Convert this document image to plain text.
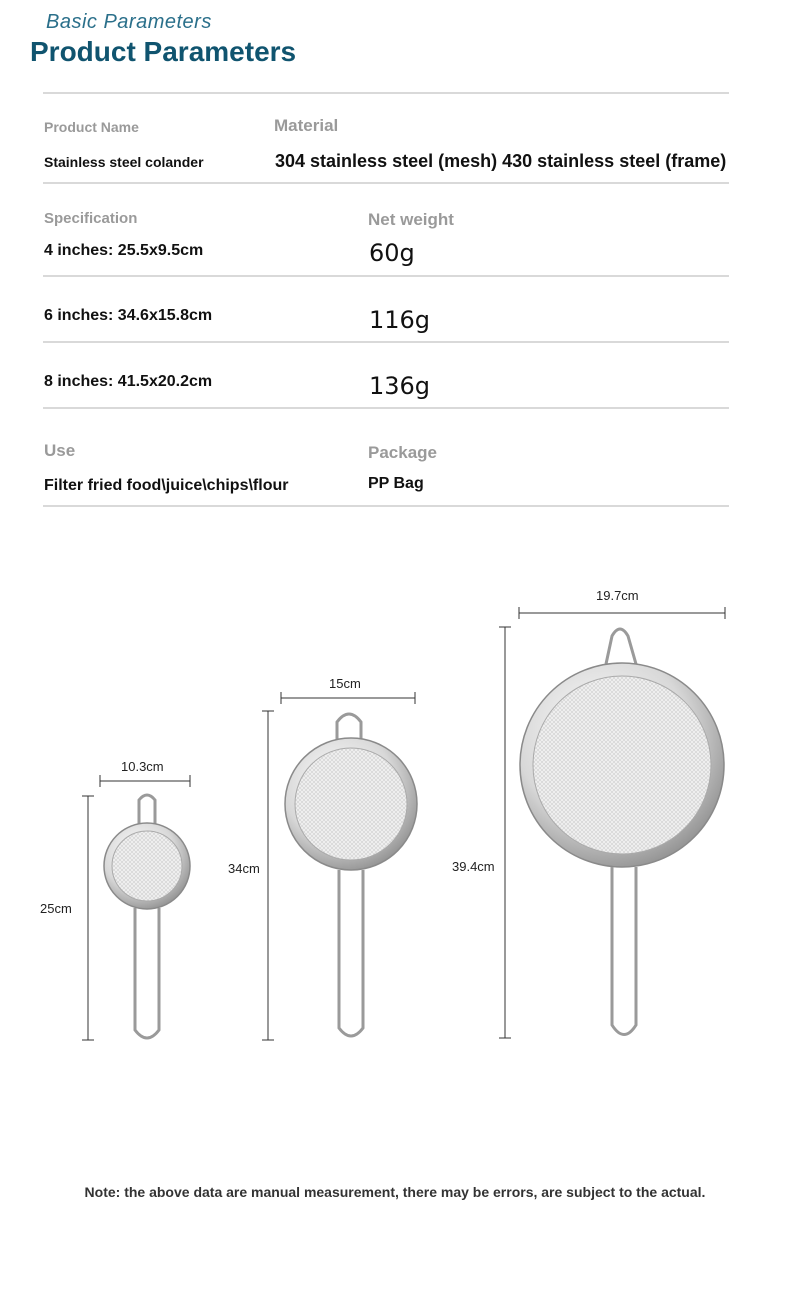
Basic Parameters
Product Parameters
Product Name	Material
Stainless steel colander	304 stainless steel (mesh) 430 stainless steel (frame)
Specification	Net weight
4 inches: 25.5x9.5cm	60g
6 inches: 34.6x15.8cm	116g
8 inches: 41.5x20.2cm	136g
Use	Package
Filter fried food\juice\chips\flour	PP Bag
10.3cm
25cm
15cm
34cm
19.7cm
39.4cm
Note: the above data are manual measurement, there may be errors, are subject to the actual.
